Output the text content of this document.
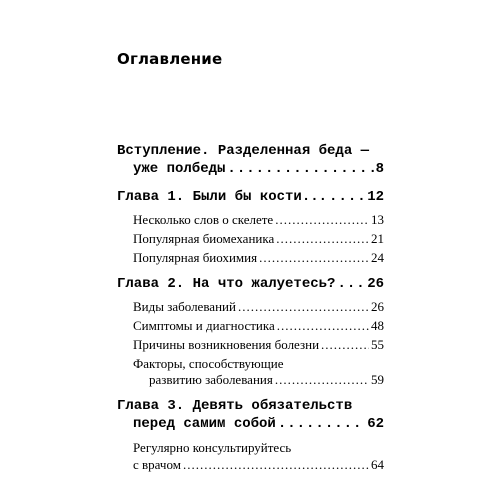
Оглавление
Вступление. Разделенная беда —
уже полбеды .....	8
Глава 1. Были бы кости... .....	12
Несколько слов о скелете .....	13
Популярная биомеханика .....	21
Популярная биохимия .....	24
Глава 2. На что жалуетесь? ..... 26
Виды заболеваний .....	26
Симптомы и диагностика .....	48
Причины возникновения болезни .....	55
Факторы, способствующие
развитию заболевания .....	59
Глава 3. Девять обязательств
перед самим собой .....	62
Регулярно консультируйтесь
с врачом .....	64
